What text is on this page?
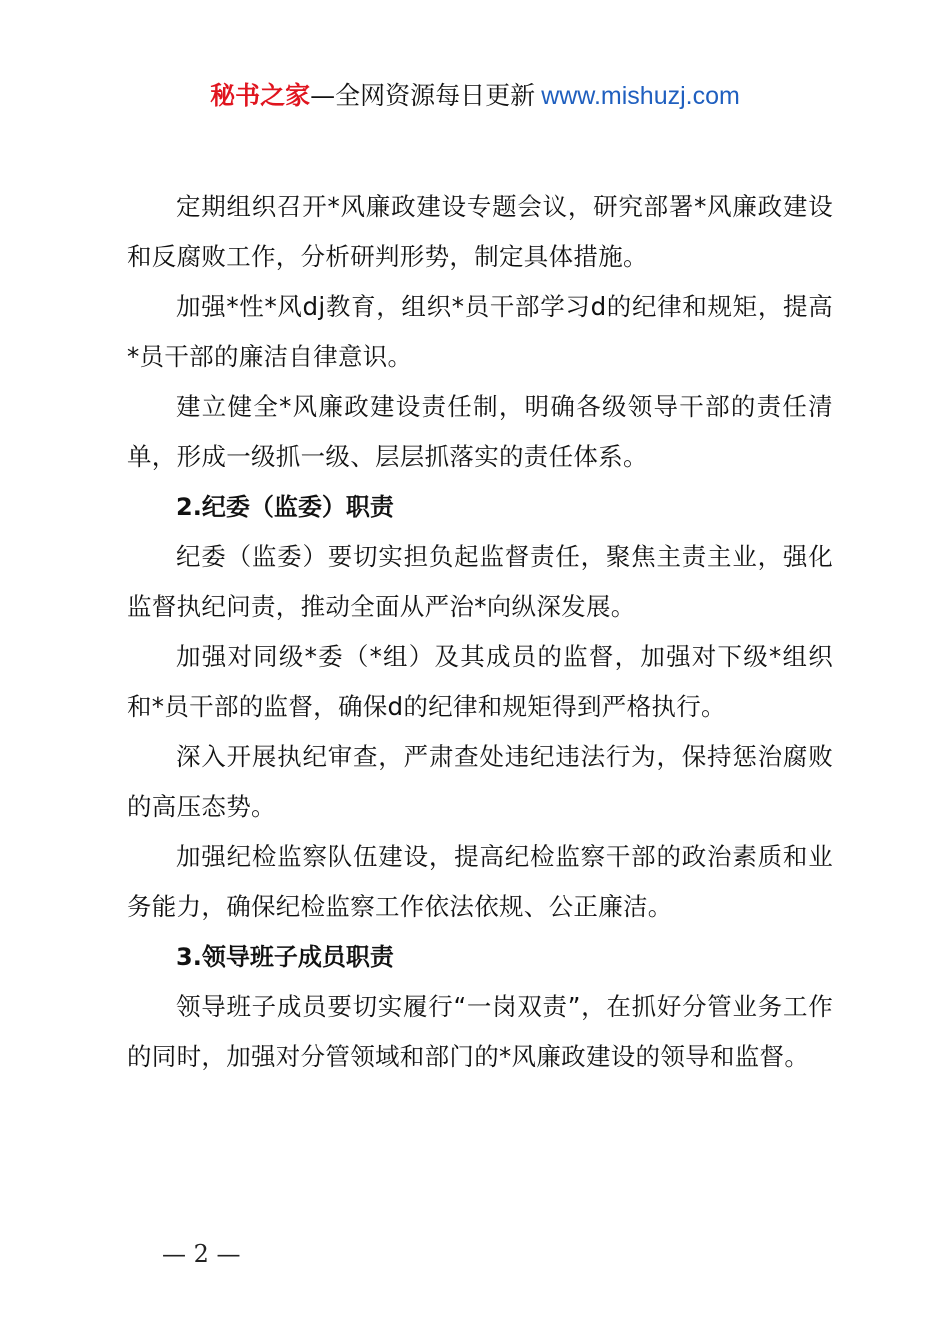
秘书之家—全网资源每日更新 www.mishuzj.com

定期组织召开*风廉政建设专题会议，研究部署*风廉政建设和反腐败工作，分析研判形势，制定具体措施。

加强*性*风dj教育，组织*员干部学习d的纪律和规矩，提高*员干部的廉洁自律意识。

建立健全*风廉政建设责任制，明确各级领导干部的责任清单，形成一级抓一级、层层抓落实的责任体系。

2.纪委（监委）职责

纪委（监委）要切实担负起监督责任，聚焦主责主业，强化监督执纪问责，推动全面从严治*向纵深发展。

加强对同级*委（*组）及其成员的监督，加强对下级*组织和*员干部的监督，确保d的纪律和规矩得到严格执行。

深入开展执纪审查，严肃查处违纪违法行为，保持惩治腐败的高压态势。

加强纪检监察队伍建设，提高纪检监察干部的政治素质和业务能力，确保纪检监察工作依法依规、公正廉洁。

3.领导班子成员职责

领导班子成员要切实履行“一岗双责”，在抓好分管业务工作的同时，加强对分管领域和部门的*风廉政建设的领导和监督。

— 2 —
